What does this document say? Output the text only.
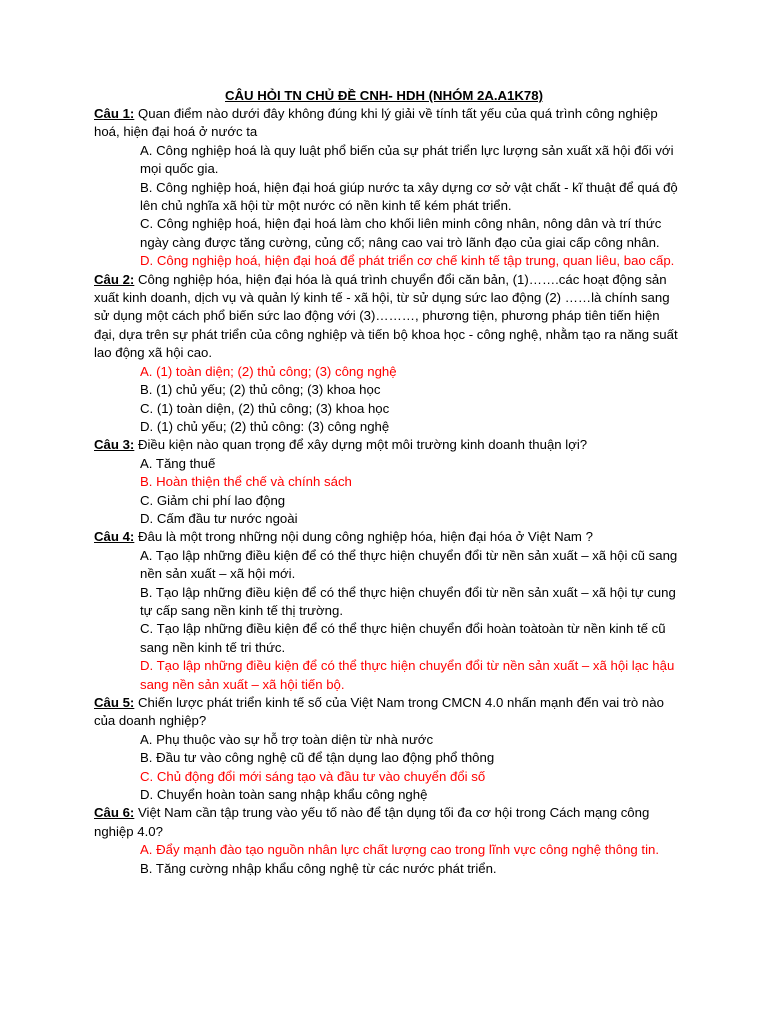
CÂU HỎI TN CHỦ ĐỀ CNH- HDH (NHÓM 2A.A1K78)

Câu 1: Quan điểm nào dưới đây không đúng khi lý giải về tính tất yếu của quá trình công nghiệp hoá, hiện đại hoá ở nước ta

A. Công nghiệp hoá là quy luật phổ biến của sự phát triển lực lượng sản xuất xã hội đối với mọi quốc gia.

B. Công nghiệp hoá, hiện đại hoá giúp nước ta xây dựng cơ sở vật chất - kĩ thuật để quá độ lên chủ nghĩa xã hội từ một nước có nền kinh tế kém phát triển.

C. Công nghiệp hoá, hiện đại hoá làm cho khối liên minh công nhân, nông dân và trí thức ngày càng được tăng cường, củng cố; nâng cao vai trò lãnh đạo của giai cấp công nhân.

D. Công nghiệp hoá, hiện đại hoá để phát triển cơ chế kinh tế tập trung, quan liêu, bao cấp.

Câu 2: Công nghiệp hóa, hiện đại hóa là quá trình chuyển đổi căn bản, (1)…….các hoạt động sản xuất kinh doanh, dịch vụ và quản lý kinh tế - xã hội, từ sử dụng sức lao động (2) ……là chính sang sử dụng một cách phổ biến sức lao động với (3)………, phương tiện, phương pháp tiên tiến hiện đại, dựa trên sự phát triển của công nghiệp và tiến bộ khoa học - công nghệ, nhằm tạo ra năng suất lao động xã hội cao.

A. (1) toàn diện; (2) thủ công; (3) công nghệ

B. (1) chủ yếu; (2) thủ công; (3) khoa học

C. (1) toàn diện, (2) thủ công; (3) khoa học

D. (1) chủ yếu; (2) thủ công: (3) công nghệ

Câu 3: Điều kiện nào quan trọng để xây dựng một môi trường kinh doanh thuận lợi?

A. Tăng thuế

B. Hoàn thiện thể chế và chính sách

C. Giảm chi phí lao động

D. Cấm đầu tư nước ngoài

Câu 4: Đâu là một trong những nội dung công nghiệp hóa, hiện đại hóa ở Việt Nam ?

A. Tạo lập những điều kiện để có thể thực hiện chuyển đổi từ nền sản xuất – xã hội cũ sang nền sản xuất – xã hội mới.

B. Tạo lập những điều kiện để có thể thực hiện chuyển đổi từ nền sản xuất – xã hội tự cung tự cấp sang nền kinh tế thị trường.

C. Tạo lập những điều kiện để có thể thực hiện chuyển đổi hoàn toàtoàn từ nền kinh tế cũ sang nền kinh tế tri thức.

D. Tạo lập những điều kiện để có thể thực hiện chuyển đổi từ nền sản xuất – xã hội lạc hậu sang nền sản xuất – xã hội tiến bộ.

Câu 5: Chiến lược phát triển kinh tế số của Việt Nam trong CMCN 4.0 nhấn mạnh đến vai trò nào của doanh nghiệp?

A. Phụ thuộc vào sự hỗ trợ toàn diện từ nhà nước

B. Đầu tư vào công nghệ cũ để tận dụng lao động phổ thông

C. Chủ động đổi mới sáng tạo và đầu tư vào chuyển đổi số

D. Chuyển hoàn toàn sang nhập khẩu công nghệ

Câu 6: Việt Nam cần tập trung vào yếu tố nào để tận dụng tối đa cơ hội trong Cách mạng công nghiệp 4.0?

A. Đẩy mạnh đào tạo nguồn nhân lực chất lượng cao trong lĩnh vực công nghệ thông tin.

B. Tăng cường nhập khẩu công nghệ từ các nước phát triển.
